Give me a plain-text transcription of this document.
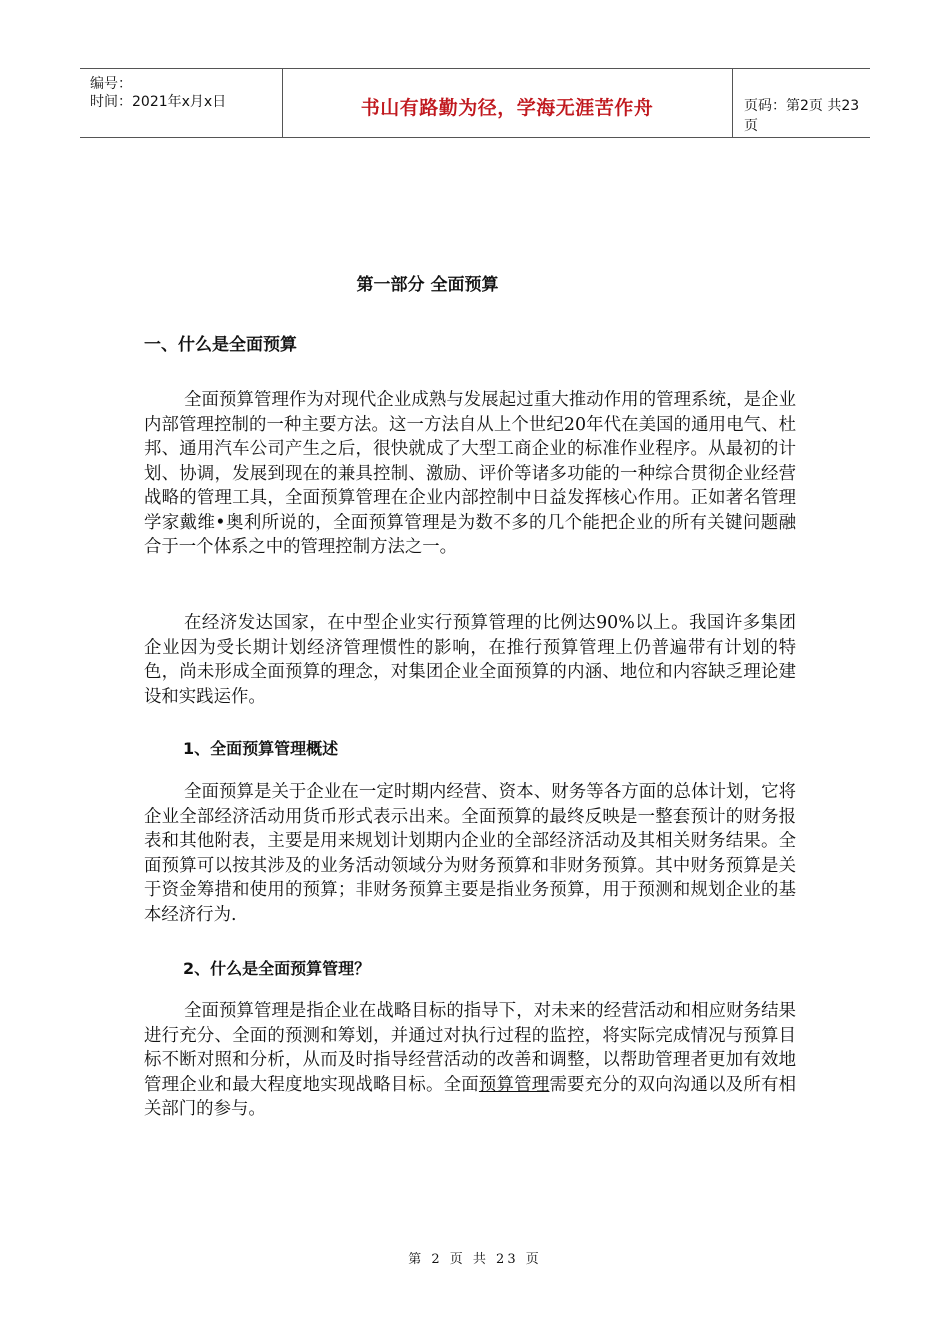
编号：
时间：2021年x月x日	书山有路勤为径，学海无涯苦作舟	页码：第2页 共23页
第一部分 全面预算
一、什么是全面预算

全面预算管理作为对现代企业成熟与发展起过重大推动作用的管理系统，是企业内部管理控制的一种主要方法。这一方法自从上个世纪20年代在美国的通用电气、杜邦、通用汽车公司产生之后，很快就成了大型工商企业的标准作业程序。从最初的计划、协调，发展到现在的兼具控制、激励、评价等诸多功能的一种综合贯彻企业经营战略的管理工具，全面预算管理在企业内部控制中日益发挥核心作用。正如著名管理学家戴维•奥利所说的，全面预算管理是为数不多的几个能把企业的所有关键问题融合于一个体系之中的管理控制方法之一。

在经济发达国家，在中型企业实行预算管理的比例达90%以上。我国许多集团企业因为受长期计划经济管理惯性的影响，在推行预算管理上仍普遍带有计划的特色，尚未形成全面预算的理念，对集团企业全面预算的内涵、地位和内容缺乏理论建设和实践运作。

1、全面预算管理概述

全面预算是关于企业在一定时期内经营、资本、财务等各方面的总体计划，它将企业全部经济活动用货币形式表示出来。全面预算的最终反映是一整套预计的财务报表和其他附表，主要是用来规划计划期内企业的全部经济活动及其相关财务结果。全面预算可以按其涉及的业务活动领域分为财务预算和非财务预算。其中财务预算是关于资金筹措和使用的预算；非财务预算主要是指业务预算，用于预测和规划企业的基本经济行为.

2、什么是全面预算管理？

全面预算管理是指企业在战略目标的指导下，对未来的经营活动和相应财务结果进行充分、全面的预测和筹划，并通过对执行过程的监控，将实际完成情况与预算目标不断对照和分析，从而及时指导经营活动的改善和调整，以帮助管理者更加有效地管理企业和最大程度地实现战略目标。全面预算管理需要充分的双向沟通以及所有相关部门的参与。

第 2 页 共 23 页
